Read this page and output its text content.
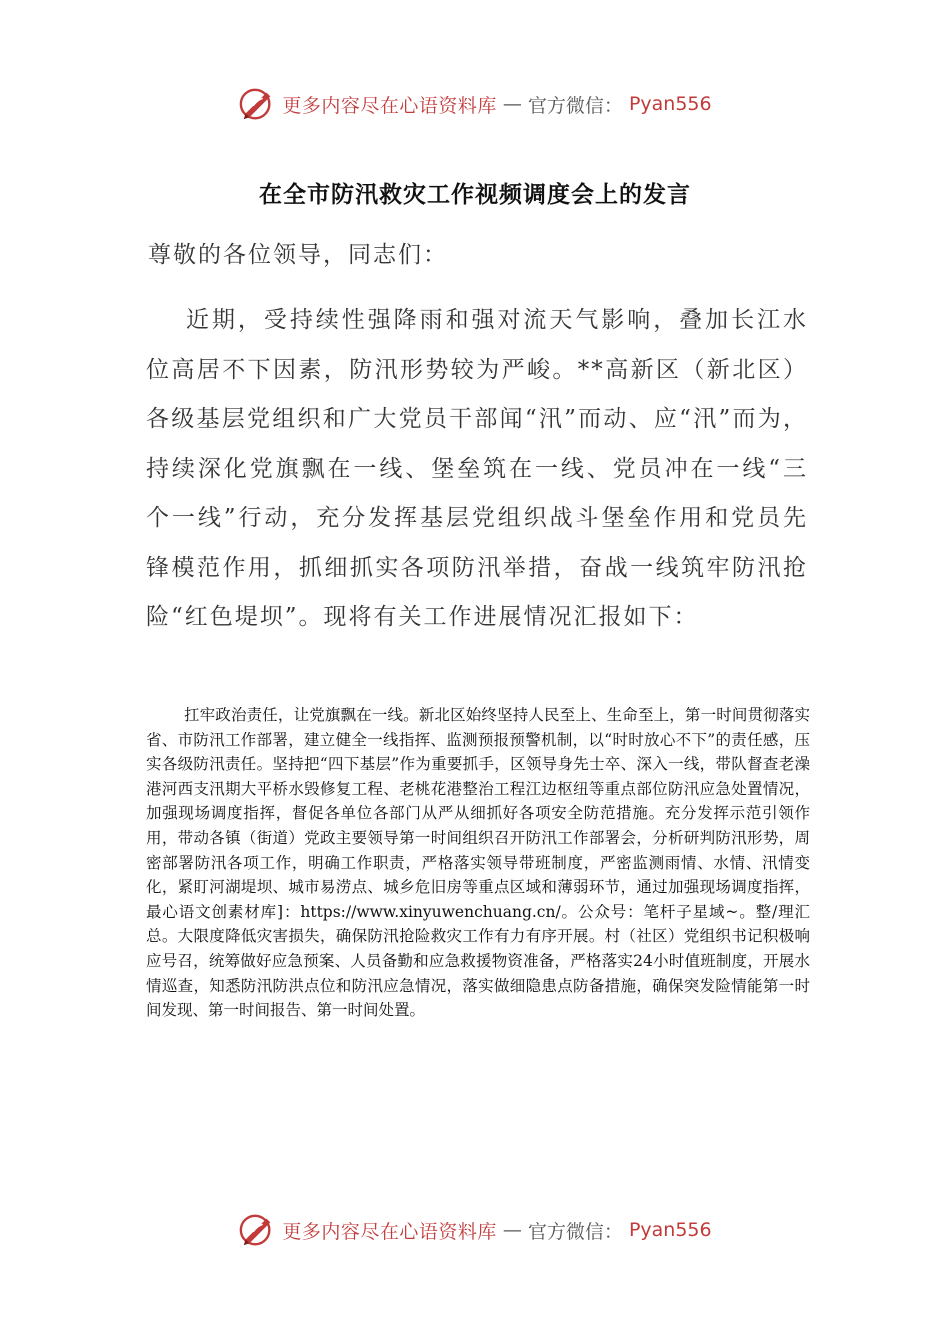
更多内容尽在心语资料库 — 官方微信： Pyan556
在全市防汛救灾工作视频调度会上的发言
尊敬的各位领导，同志们：

近期，受持续性强降雨和强对流天气影响，叠加长江水位高居不下因素，防汛形势较为严峻。**高新区（新北区）各级基层党组织和广大党员干部闻“汛”而动、应“汛”而为，持续深化党旗飘在一线、堡垒筑在一线、党员冲在一线“三个一线”行动，充分发挥基层党组织战斗堡垒作用和党员先锋模范作用，抓细抓实各项防汛举措，奋战一线筑牢防汛抢险“红色堤坝”。现将有关工作进展情况汇报如下：

扛牢政治责任，让党旗飘在一线。新北区始终坚持人民至上、生命至上，第一时间贯彻落实省、市防汛工作部署，建立健全一线指挥、监测预报预警机制，以“时时放心不下”的责任感，压实各级防汛责任。坚持把“四下基层”作为重要抓手，区领导身先士卒、深入一线，带队督查老澡港河西支汛期大平桥水毁修复工程、老桃花港整治工程江边枢纽等重点部位防汛应急处置情况，加强现场调度指挥，督促各单位各部门从严从细抓好各项安全防范措施。充分发挥示范引领作用，带动各镇（街道）党政主要领导第一时间组织召开防汛工作部署会，分析研判防汛形势，周密部署防汛各项工作，明确工作职责，严格落实领导带班制度，严密监测雨情、水情、汛情变化，紧盯河湖堤坝、城市易涝点、城乡危旧房等重点区域和薄弱环节，通过加强现场调度指挥，最心语文创素材库]：https://www.xinyuwenchuang.cn/。公众号：笔杆子星域~。整/理汇总。大限度降低灾害损失，确保防汛抢险救灾工作有力有序开展。村（社区）党组织书记积极响应号召，统筹做好应急预案、人员备勤和应急救援物资准备，严格落实24小时值班制度，开展水情巡查，知悉防汛防洪点位和防汛应急情况，落实做细隐患点防备措施，确保突发险情能第一时间发现、第一时间报告、第一时间处置。

更多内容尽在心语资料库 — 官方微信： Pyan556
